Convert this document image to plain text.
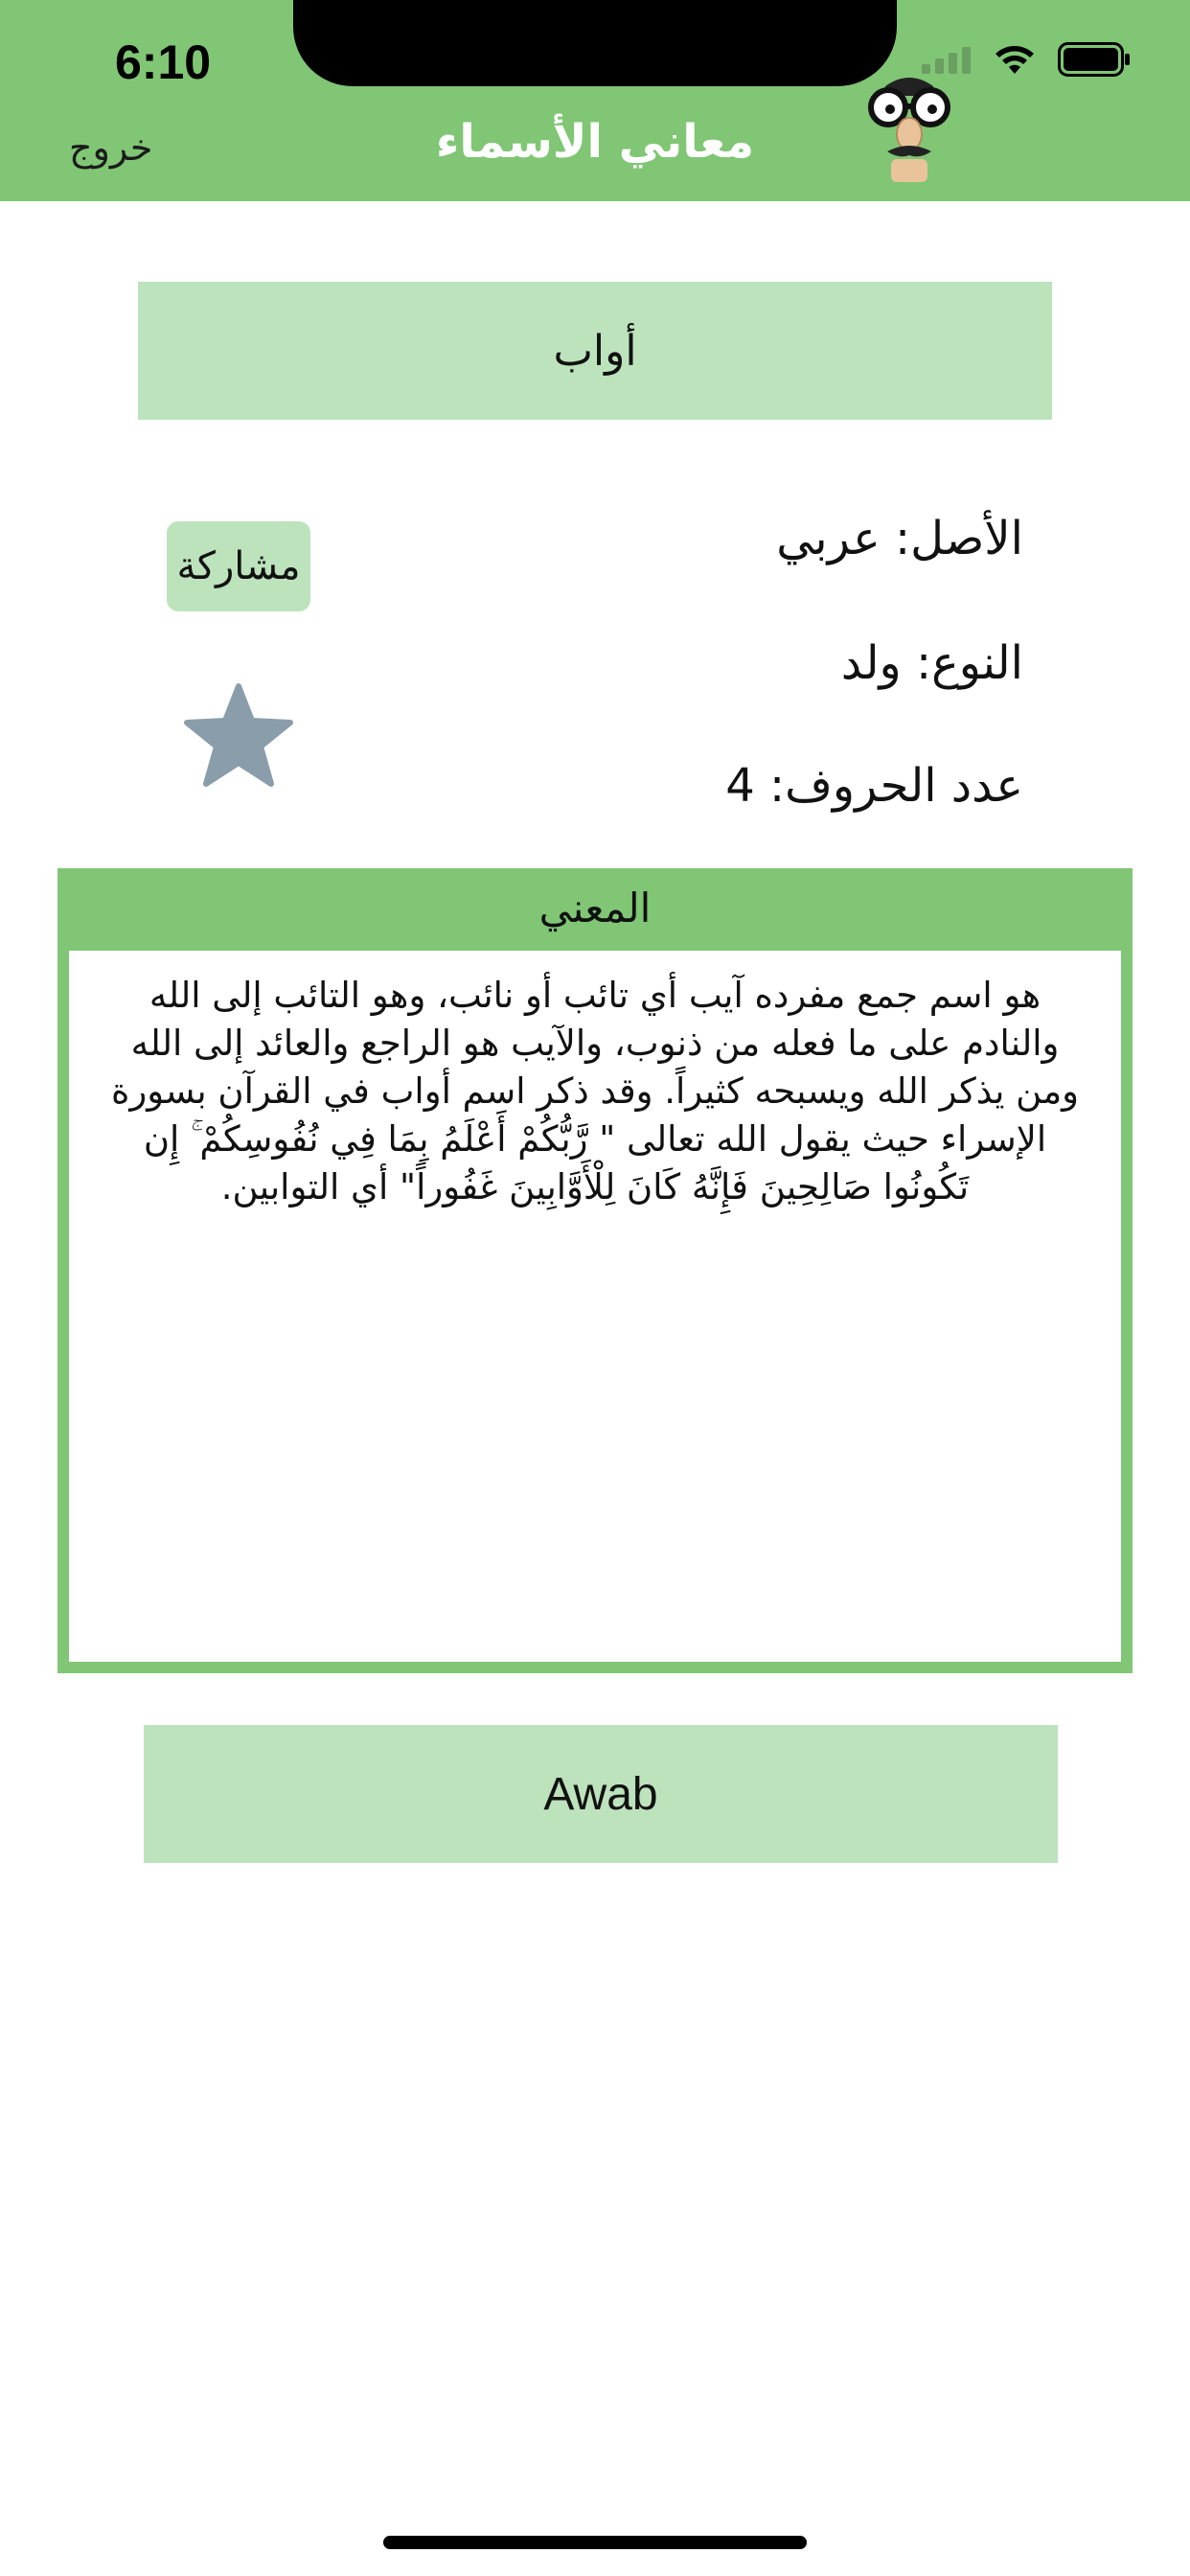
6:10
معاني الأسماء
خروج
أواب
الأصل: عربي
النوع: ولد
عدد الحروف: 4
مشاركة
المعني
هو اسم جمع مفرده آيب أي تائب أو نائب، وهو التائب إلى الله والنادم على ما فعله من ذنوب، والآيب هو الراجع والعائد إلى الله ومن يذكر الله ويسبحه كثيراً. وقد ذكر اسم أواب في القرآن بسورة الإسراء حيث يقول الله تعالى " رَّبُّكُمْ أَعْلَمُ بِمَا فِي نُفُوسِكُمْ ۚ إِن تَكُونُوا صَالِحِينَ فَإِنَّهُ كَانَ لِلْأَوَّابِينَ غَفُوراً" أي التوابين.
Awab
